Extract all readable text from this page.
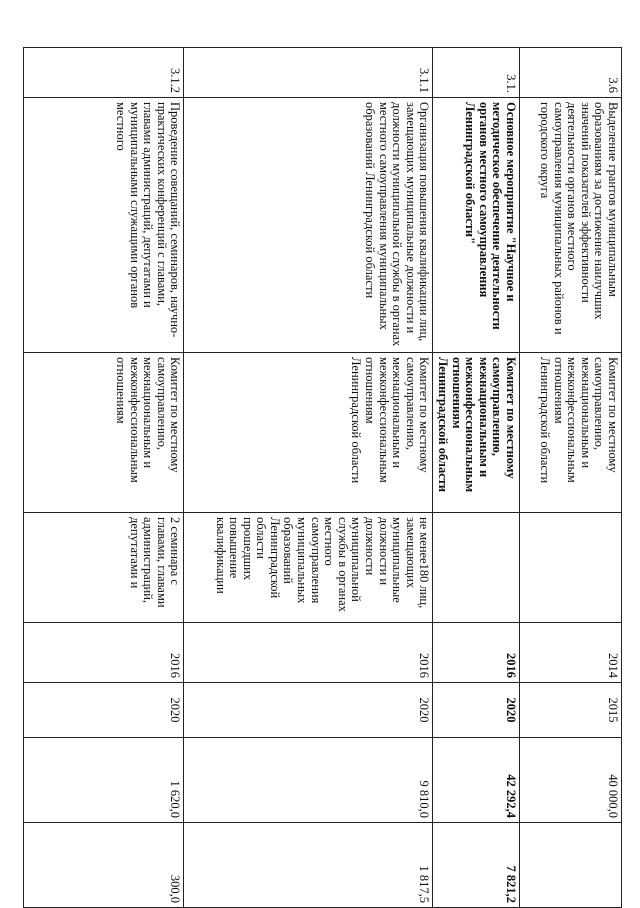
3.6	Выделение грантов муниципальным образованиям за достижение наилучших значений показателей эффективности деятельности органов местного самоуправления муниципальных районов и городского округа	Комитет по местному самоуправлению, межнациональным и межконфессиональным отношениям Ленинградской области		2014	2015	40 000,0	
3.1.	Основное мероприятие "Научное и методическое обеспечение деятельности органов местного самоуправления Ленинградской области"	Комитет по местному самоуправлению, межнациональным и межконфессиональным отношениям Ленинградской области		2016	2020	42 292,4	7 821,2
3.1.1	Организация повышения квалификации лиц, замещающих муниципальные должности и должности муниципальной службы в органах местного самоуправления муниципальных образований Ленинградской области	Комитет по местному самоуправлению, межнациональным и межконфессиональным отношениям Ленинградской области	не менее180 лиц, замещающих муниципальные должности и должности муниципальной службы в органах местного самоуправления муниципальных образований Ленинградской области прошедших повышение квалификации	2016	2020	9 810,0	1 817,5
3.1.2	Проведение совещаний, семинаров, научно-практических конференций с главами, главами администраций, депутатами и муниципальными служащими органов местного	Комитет по местному самоуправлению, межнациональным и межконфессиональным отношениям	2 семинара с главами, главами администраций, депутатами и	2016	2020	1 620,0	300,0
